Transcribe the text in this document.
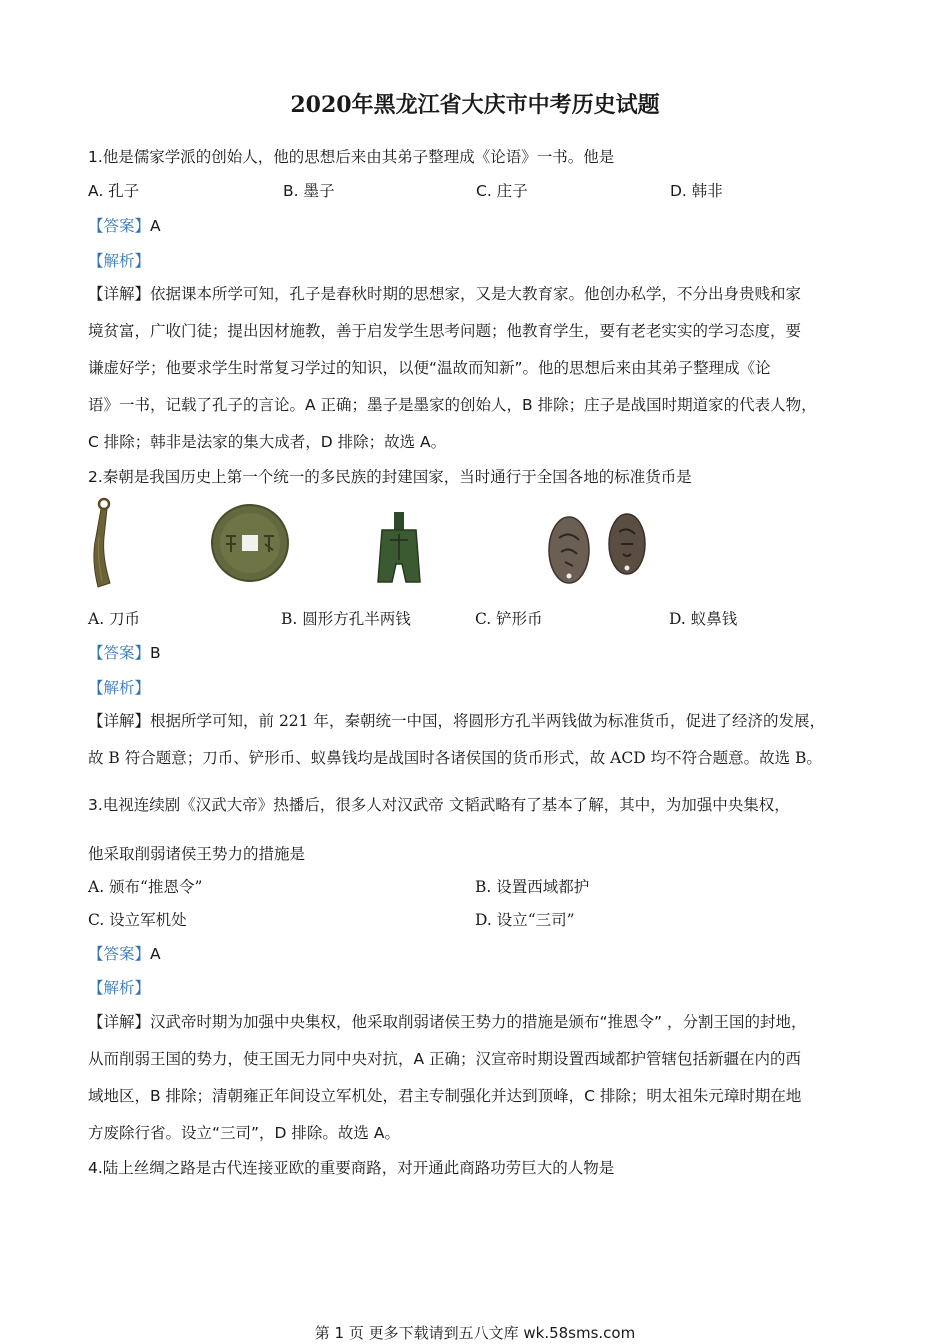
2020年黑龙江省大庆市中考历史试题
1.他是儒家学派的创始人，他的思想后来由其弟子整理成《论语》一书。他是
A. 孔子	B. 墨子	C. 庄子	D. 韩非
【答案】A
【解析】
【详解】依据课本所学可知，孔子是春秋时期的思想家，又是大教育家。他创办私学，不分出身贵贱和家
境贫富，广收门徒；提出因材施教，善于启发学生思考问题；他教育学生，要有老老实实的学习态度，要
谦虚好学；他要求学生时常复习学过的知识，以便“温故而知新”。他的思想后来由其弟子整理成《论
语》一书，记载了孔子的言论。A 正确；墨子是墨家的创始人，B 排除；庄子是战国时期道家的代表人物，
C 排除；韩非是法家的集大成者，D 排除；故选 A。
2.秦朝是我国历史上第一个统一的多民族的封建国家，当时通行于全国各地的标准货币是
A. 刀币	B. 圆形方孔半两钱	C. 铲形币	D. 蚁鼻钱
【答案】B
【解析】
【详解】根据所学可知，前 221 年，秦朝统一中国，将圆形方孔半两钱做为标准货币，促进了经济的发展，
故 B 符合题意；刀币、铲形币、蚁鼻钱均是战国时各诸侯国的货币形式，故 ACD 均不符合题意。故选 B。
3.电视连续剧《汉武大帝》热播后，很多人对汉武帝 文韬武略有了基本了解，其中，为加强中央集权，
他采取削弱诸侯王势力的措施是
A. 颁布“推恩令”	B. 设置西域都护
C. 设立军机处	D. 设立“三司”
【答案】A
【解析】
【详解】汉武帝时期为加强中央集权，他采取削弱诸侯王势力的措施是颁布“推恩令” ，分割王国的封地，
从而削弱王国的势力，使王国无力同中央对抗，A 正确；汉宣帝时期设置西域都护管辖包括新疆在内的西
域地区，B 排除；清朝雍正年间设立军机处，君主专制强化并达到顶峰，C 排除；明太祖朱元璋时期在地
方废除行省。设立“三司”，D 排除。故选 A。
4.陆上丝绸之路是古代连接亚欧的重要商路，对开通此商路功劳巨大的人物是
第 1 页 更多下载请到五八文库 wk.58sms.com
